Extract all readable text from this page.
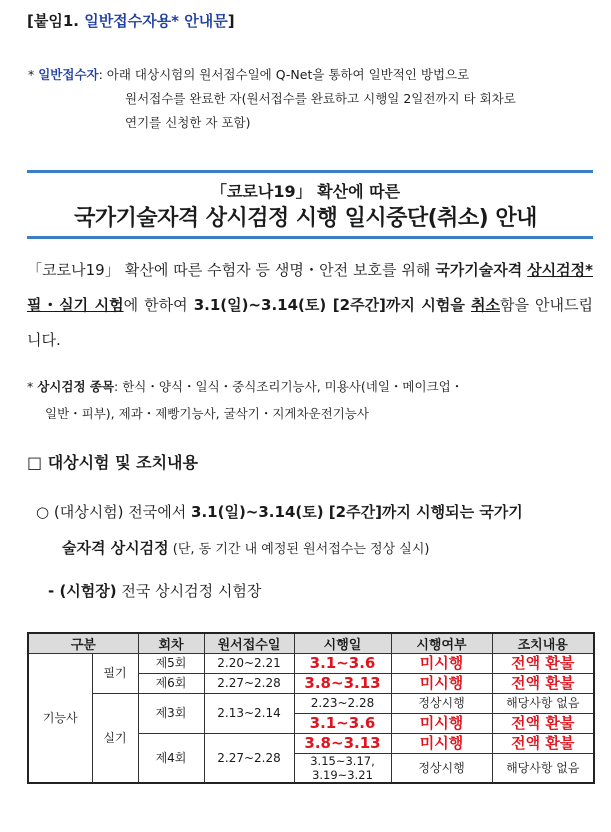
[붙임1. 일반접수자용* 안내문]
* 일반접수자: 아래 대상시험의 원서접수일에 Q-Net을 통하여 일반적인 방법으로
원서접수를 완료한 자(원서접수를 완료하고 시행일 2일전까지 타 회차로
연기를 신청한 자 포함)
「코로나19」 확산에 따른
국가기술자격 상시검정 시행 일시중단(취소) 안내
「코로나19」 확산에 따른 수험자 등 생명・안전 보호를 위해 국가기술자격 상시검정* 필・실기 시험에 한하여 3.1(일)~3.14(토) [2주간]까지 시험을 취소함을 안내드립니다.
* 상시검정 종목: 한식・양식・일식・중식조리기능사, 미용사(네일・메이크업・
일반・피부), 제과・제빵기능사, 굴삭기・지게차운전기능사
□ 대상시험 및 조치내용
○ (대상시험) 전국에서 3.1(일)~3.14(토) [2주간]까지 시행되는 국가기
술자격 상시검정 (단, 동 기간 내 예정된 원서접수는 정상 실시)
- (시험장) 전국 상시검정 시험장
구분		회차	원서접수일	시행일	시행여부	조치내용
기능사	필기	제5회	2.20~2.21	3.1~3.6	미시행	전액 환불
		제6회	2.27~2.28	3.8~3.13	미시행	전액 환불
	실기	제3회	2.13~2.14	2.23~2.28	정상시행	해당사항 없음
				3.1~3.6	미시행	전액 환불
		제4회	2.27~2.28	3.8~3.13	미시행	전액 환불
				3.15~3.17,
3.19~3.21	정상시행	해당사항 없음
